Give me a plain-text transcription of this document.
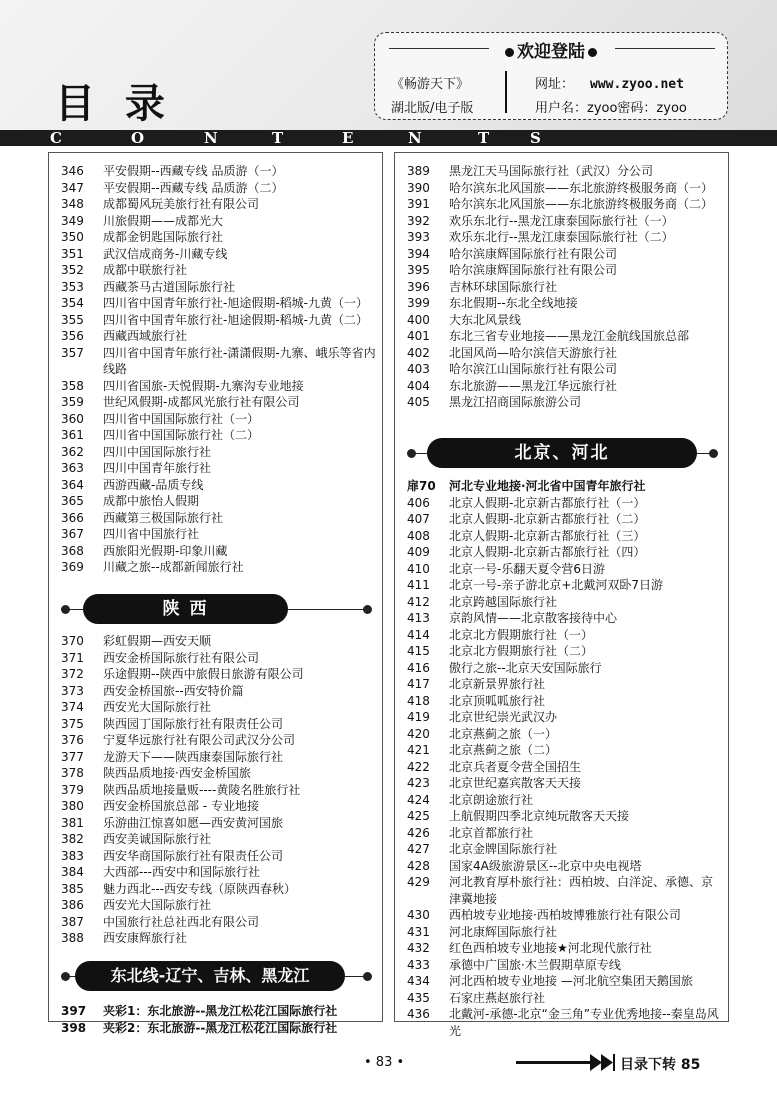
目 录
欢迎登陆
《畅游天下》
湖北版/电子版
网址： www.zyoo.net
用户名：zyoo密码：zyoo
C	O	N	T	E	N	T	S
346	平安假期--西藏专线 品质游（一）
347	平安假期--西藏专线 品质游（二）
348	成都蜀风玩美旅行社有限公司
349	川旅假期——成都光大
350	成都金钥匙国际旅行社
351	武汉信成商务-川藏专线
352	成都中联旅行社
353	西藏茶马古道国际旅行社
354	四川省中国青年旅行社-旭途假期-稻城-九黄（一）
355	四川省中国青年旅行社-旭途假期-稻城-九黄（二）
356	西藏西域旅行社
357	四川省中国青年旅行社-潇潇假期-九寨、峨乐等省内线路
358	四川省国旅-天悦假期-九寨沟专业地接
359	世纪风假期-成都风光旅行社有限公司
360	四川省中国国际旅行社（一）
361	四川省中国国际旅行社（二）
362	四川中国国际旅行社
363	四川中国青年旅行社
364	西游西藏-品质专线
365	成都中旅怡人假期
366	西藏第三极国际旅行社
367	四川省中国旅行社
368	西旅阳光假期-印象川藏
369	川藏之旅--成都新闻旅行社
陕 西
370	彩虹假期—西安天顺
371	西安金桥国际旅行社有限公司
372	乐途假期--陕西中旅假日旅游有限公司
373	西安金桥国旅--西安特价篇
374	西安光大国际旅行社
375	陕西园丁国际旅行社有限责任公司
376	宁夏华远旅行社有限公司武汉分公司
377	龙游天下——陕西康泰国际旅行社
378	陕西品质地接·西安金桥国旅
379	陕西品质地接量贩----黄陵名胜旅行社
380	西安金桥国旅总部 - 专业地接
381	乐游曲江惊喜如愿—西安黄河国旅
382	西安美诚国际旅行社
383	西安华商国际旅行社有限责任公司
384	大西部---西安中和国际旅行社
385	魅力西北---西安专线（原陕西春秋）
386	西安光大国际旅行社
387	中国旅行社总社西北有限公司
388	西安康辉旅行社
东北线-辽宁、吉林、黑龙江
397	夹彩1：东北旅游--黑龙江松花江国际旅行社
398	夹彩2：东北旅游--黑龙江松花江国际旅行社
389	黑龙江天马国际旅行社（武汉）分公司
390	哈尔滨东北风国旅——东北旅游终极服务商（一）
391	哈尔滨东北风国旅——东北旅游终极服务商（二）
392	欢乐东北行--黑龙江康泰国际旅行社（一）
393	欢乐东北行--黑龙江康泰国际旅行社（二）
394	哈尔滨康辉国际旅行社有限公司
395	哈尔滨康辉国际旅行社有限公司
396	吉林环球国际旅行社
399	东北假期--东北全线地接
400	大东北风景线
401	东北三省专业地接——黑龙江金航线国旅总部
402	北国风尚—哈尔滨信天游旅行社
403	哈尔滨江山国际旅行社有限公司
404	东北旅游——黑龙江华远旅行社
405	黑龙江招商国际旅游公司
北京、河北
扉70	河北专业地接·河北省中国青年旅行社
406	北京人假期-北京新古都旅行社（一）
407	北京人假期-北京新古都旅行社（二）
408	北京人假期-北京新古都旅行社（三）
409	北京人假期-北京新古都旅行社（四）
410	北京一号-乐翻天夏令营6日游
411	北京一号-亲子游北京+北戴河双卧7日游
412	北京跨越国际旅行社
413	京韵风情——北京散客接待中心
414	北京北方假期旅行社（一）
415	北京北方假期旅行社（二）
416	傲行之旅--北京天安国际旅行
417	北京新景界旅行社
418	北京顶呱呱旅行社
419	北京世纪崇光武汉办
420	北京燕蓟之旅（一）
421	北京燕蓟之旅（二）
422	北京兵者夏令营全国招生
423	北京世纪嘉宾散客天天接
424	北京朗途旅行社
425	上航假期四季北京纯玩散客天天接
426	北京首都旅行社
427	北京金牌国际旅行社
428	国家4A级旅游景区--北京中央电视塔
429	河北教育厚朴旅行社：西柏坡、白洋淀、承德、京津冀地接
430	西柏坡专业地接·西柏坡博雅旅行社有限公司
431	河北康辉国际旅行社
432	红色西柏坡专业地接★河北现代旅行社
433	承德中广国旅·木兰假期草原专线
434	河北西柏坡专业地接 —河北航空集团天鹅国旅
435	石家庄燕赵旅行社
436	北戴河-承德-北京“金三角”专业优秀地接--秦皇岛风光
• 83 •	目录下转 85
